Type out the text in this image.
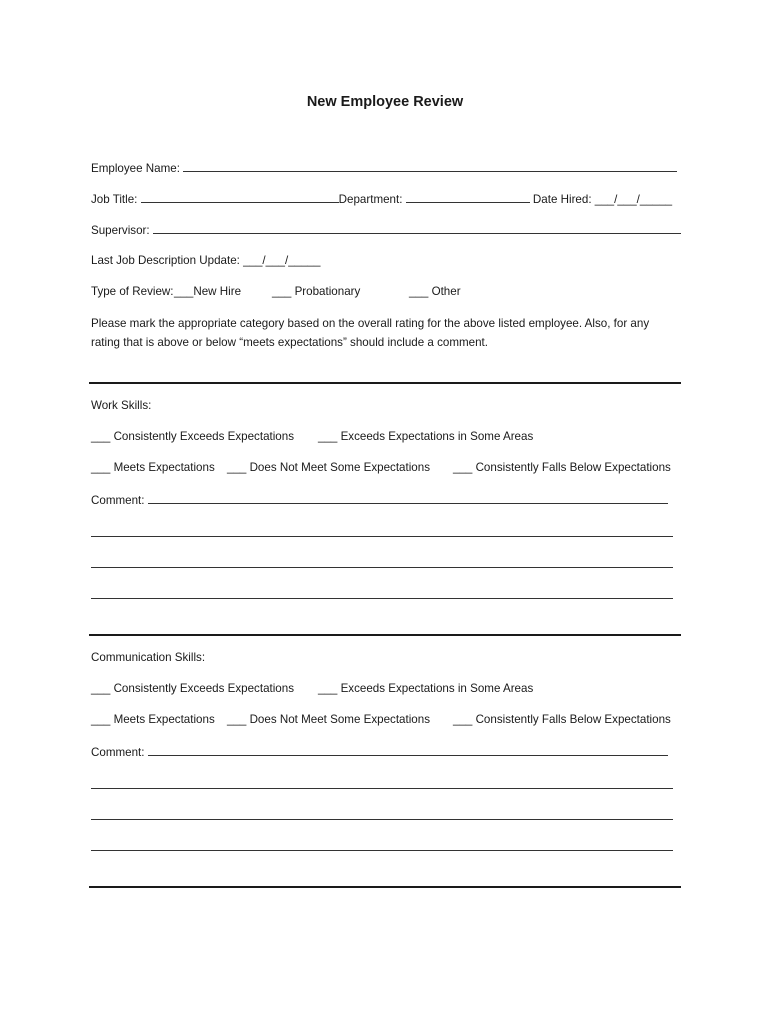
New Employee Review
Employee Name:
Job Title:	Department:	Date Hired: ___/___/_____
Supervisor:
Last Job Description Update: ___/___/_____
Type of Review: ___New Hire	___ Probationary	___ Other
Please mark the appropriate category based on the overall rating for the above listed employee. Also, for any rating that is above or below “meets expectations” should include a comment.
Work Skills:
___ Consistently Exceeds Expectations ___ Exceeds Expectations in Some Areas
___ Meets Expectations ___ Does Not Meet Some Expectations ___ Consistently Falls Below Expectations
Comment:
Communication Skills:
___ Consistently Exceeds Expectations ___ Exceeds Expectations in Some Areas
___ Meets Expectations ___ Does Not Meet Some Expectations ___ Consistently Falls Below Expectations
Comment:
